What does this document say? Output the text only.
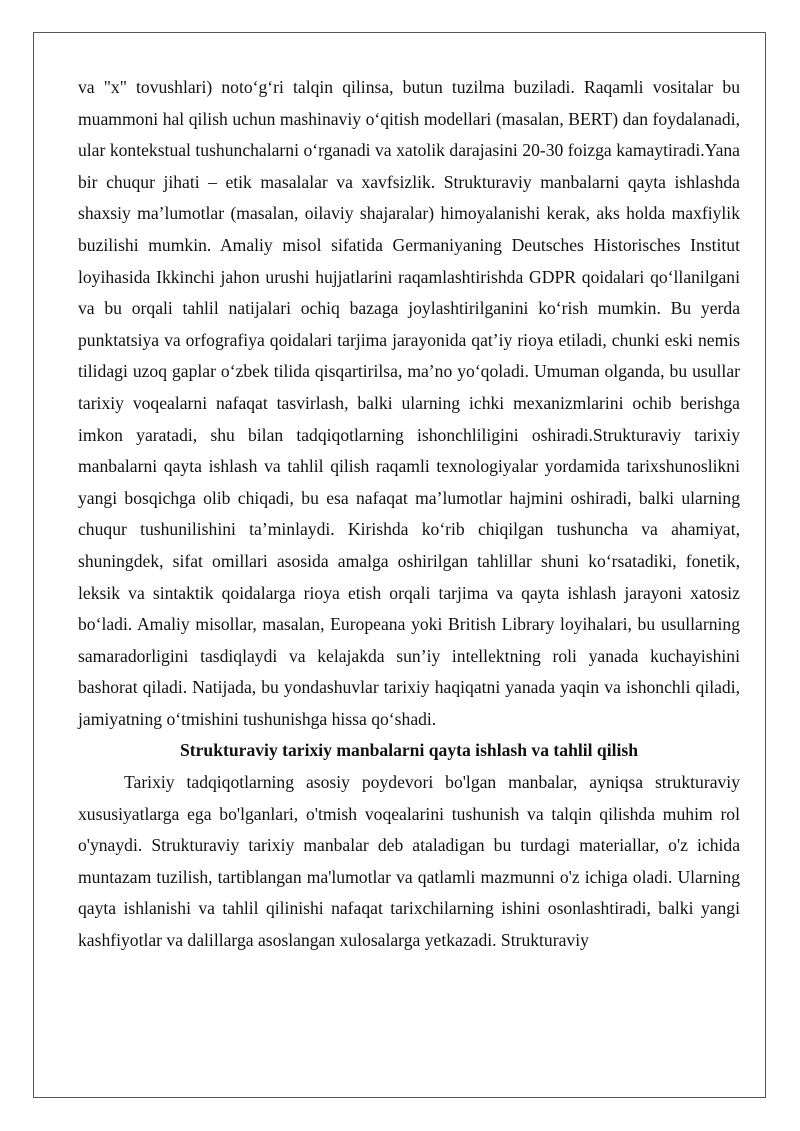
va "x" tovushlari) noto‘g‘ri talqin qilinsa, butun tuzilma buziladi. Raqamli vositalar bu muammoni hal qilish uchun mashinaviy o‘qitish modellari (masalan, BERT) dan foydalanadi, ular kontekstual tushunchalarni o‘rganadi va xatolik darajasini 20-30 foizga kamaytiradi.Yana bir chuqur jihati – etik masalalar va xavfsizlik. Strukturaviy manbalarni qayta ishlashda shaxsiy ma’lumotlar (masalan, oilaviy shajaralar) himoyalanishi kerak, aks holda maxfiylik buzilishi mumkin. Amaliy misol sifatida Germaniyaning Deutsches Historisches Institut loyihasida Ikkinchi jahon urushi hujjatlarini raqamlashtirishda GDPR qoidalari qo‘llanilgani va bu orqali tahlil natijalari ochiq bazaga joylashtirilganini ko‘rish mumkin. Bu yerda punktatsiya va orfografiya qoidalari tarjima jarayonida qat’iy rioya etiladi, chunki eski nemis tilidagi uzoq gaplar o‘zbek tilida qisqartirilsa, ma’no yo‘qoladi. Umuman olganda, bu usullar tarixiy voqealarni nafaqat tasvirlash, balki ularning ichki mexanizmlarini ochib berishga imkon yaratadi, shu bilan tadqiqotlarning ishonchliligini oshiradi.Strukturaviy tarixiy manbalarni qayta ishlash va tahlil qilish raqamli texnologiyalar yordamida tarixshunoslikni yangi bosqichga olib chiqadi, bu esa nafaqat ma’lumotlar hajmini oshiradi, balki ularning chuqur tushunilishini ta’minlaydi. Kirishda ko‘rib chiqilgan tushuncha va ahamiyat, shuningdek, sifat omillari asosida amalga oshirilgan tahlillar shuni ko‘rsatadiki, fonetik, leksik va sintaktik qoidalarga rioya etish orqali tarjima va qayta ishlash jarayoni xatosiz bo‘ladi. Amaliy misollar, masalan, Europeana yoki British Library loyihalari, bu usullarning samaradorligini tasdiqlaydi va kelajakda sun’iy intellektning roli yanada kuchayishini bashorat qiladi. Natijada, bu yondashuvlar tarixiy haqiqatni yanada yaqin va ishonchli qiladi, jamiyatning o‘tmishini tushunishga hissa qo‘shadi.

Strukturaviy tarixiy manbalarni qayta ishlash va tahlil qilish

Tarixiy tadqiqotlarning asosiy poydevori bo'lgan manbalar, ayniqsa strukturaviy xususiyatlarga ega bo'lganlari, o'tmish voqealarini tushunish va talqin qilishda muhim rol o'ynaydi. Strukturaviy tarixiy manbalar deb ataladigan bu turdagi materiallar, o'z ichida muntazam tuzilish, tartiblangan ma'lumotlar va qatlamli mazmunni o'z ichiga oladi. Ularning qayta ishlanishi va tahlil qilinishi nafaqat tarixchilarning ishini osonlashtiradi, balki yangi kashfiyotlar va dalillarga asoslangan xulosalarga yetkazadi. Strukturaviy
